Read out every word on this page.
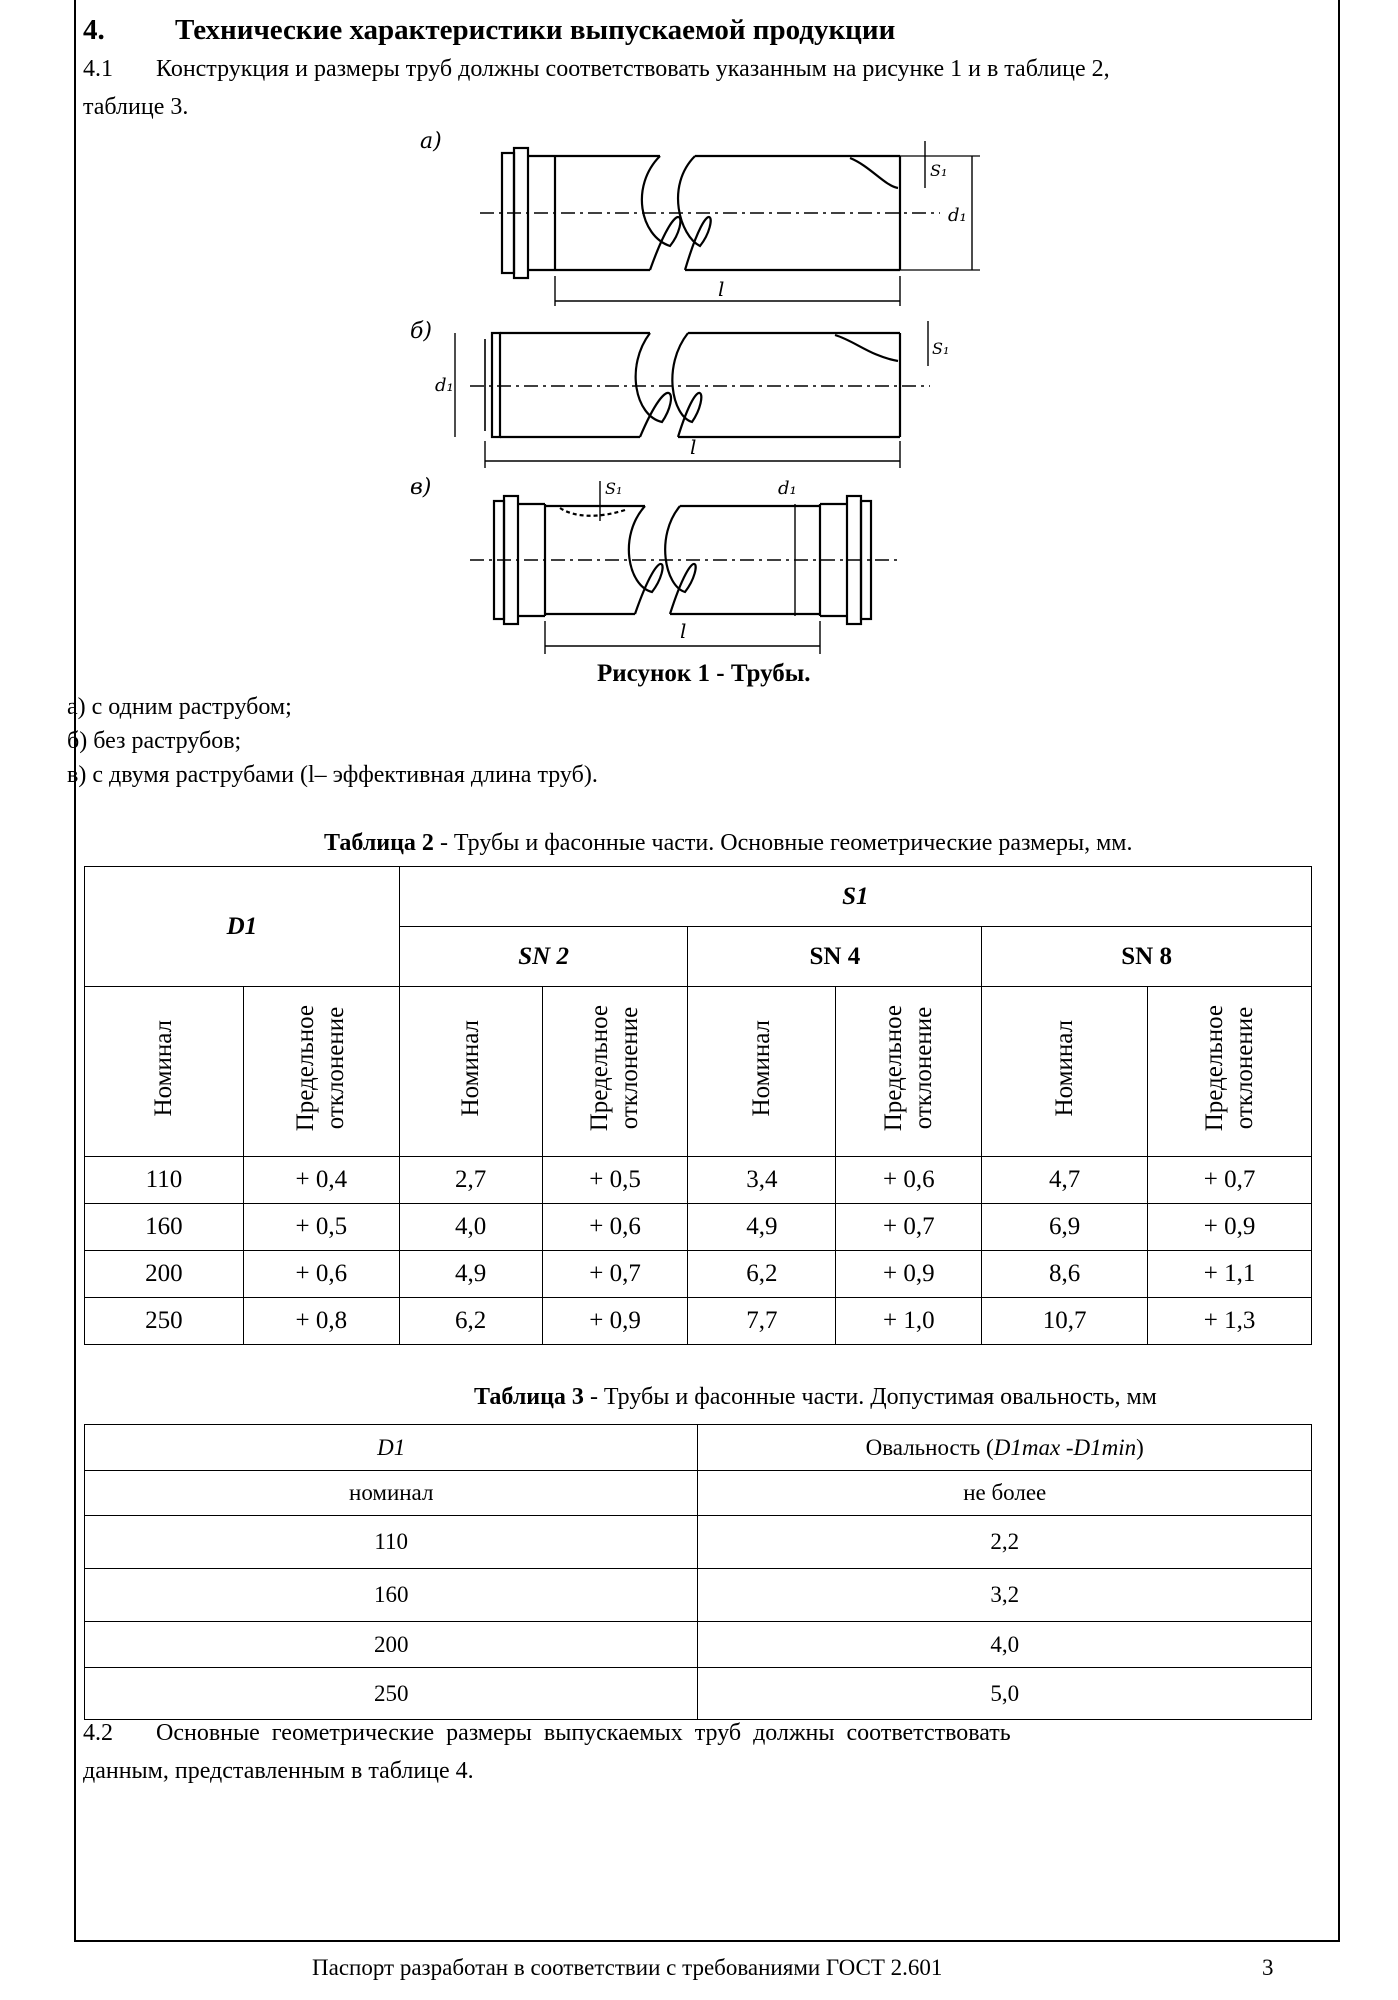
4. Технические характеристики выпускаемой продукции
4.1 Конструкция и размеры труб должны соответствовать указанным на рисунке 1 и в таблице 2,
таблице 3.
а)
б)
в)
l
l
l
S₁
d₁
S₁
d₁
S₁	d₁
Рисунок 1 - Трубы.
а) с одним раструбом;
б) без раструбов;
в) с двумя раструбами (l– эффективная длина труб).
Таблица 2 - Трубы и фасонные части. Основные геометрические размеры, мм.
D1		S1					
		SN 2		SN 4		SN 8	
Номинал	Предельное отклонение	Номинал	Предельное отклонение	Номинал	Предельное отклонение	Номинал	Предельное отклонение
110	+ 0,4	2,7	+ 0,5	3,4	+ 0,6	4,7	+ 0,7
160	+ 0,5	4,0	+ 0,6	4,9	+ 0,7	6,9	+ 0,9
200	+ 0,6	4,9	+ 0,7	6,2	+ 0,9	8,6	+ 1,1
250	+ 0,8	6,2	+ 0,9	7,7	+ 1,0	10,7	+ 1,3
Таблица 3 - Трубы и фасонные части. Допустимая овальность, мм
D1	Овальность (D1max -D1min)
номинал	не более
110	2,2
160	3,2
200	4,0
250	5,0
4.2 Основные геометрические размеры выпускаемых труб должны соответствовать
данным, представленным в таблице 4.
Паспорт разработан в соответствии с требованиями ГОСТ 2.601	3
